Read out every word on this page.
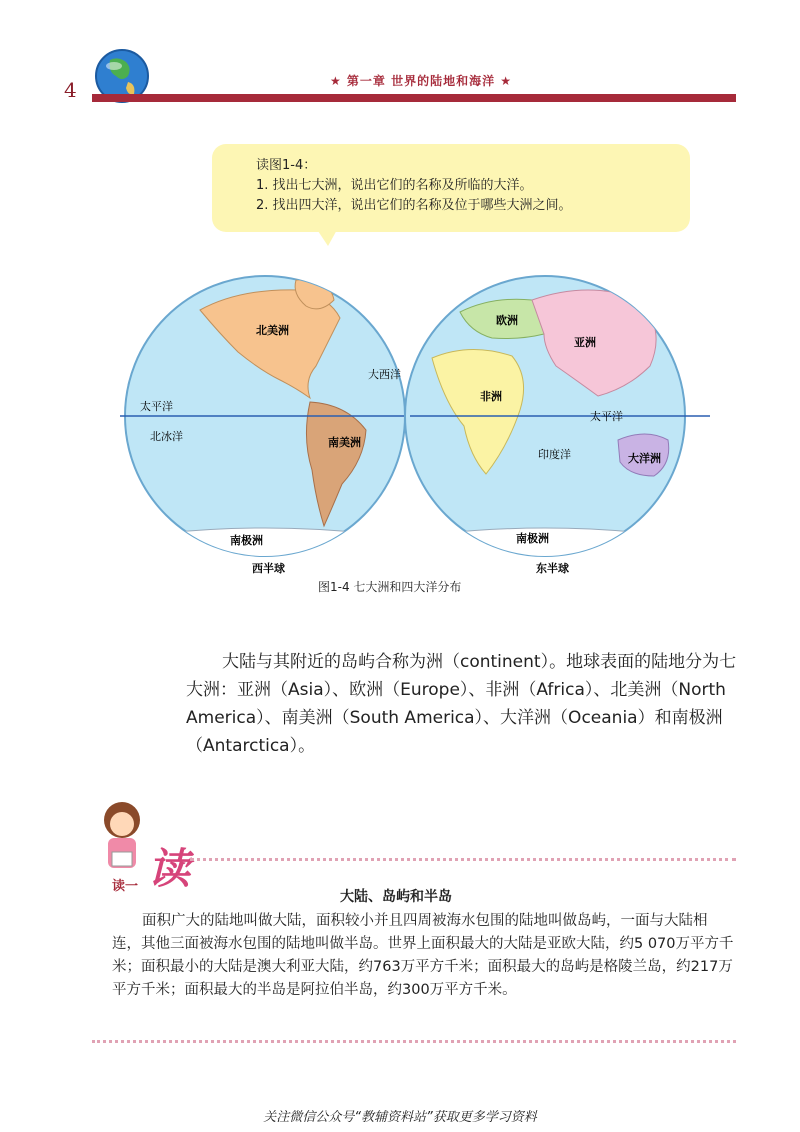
4	★ 第一章 世界的陆地和海洋 ★
读图1-4：
1. 找出七大洲，说出它们的名称及所临的大洋。
2. 找出四大洋，说出它们的名称及位于哪些大洲之间。
北美洲
南美洲
欧洲
亚洲
非洲
大洋洲
南极洲	南极洲
太平洋
太平洋
大西洋
印度洋
北冰洋
西半球	东半球
图1-4 七大洲和四大洋分布
大陆与其附近的岛屿合称为洲（continent）。地球表面的陆地分为七大洲：亚洲（Asia）、欧洲（Europe）、非洲（Africa）、北美洲（North America）、南美洲（South America）、大洋洲（Oceania）和南极洲（Antarctica）。
读
读一
大陆、岛屿和半岛
面积广大的陆地叫做大陆，面积较小并且四周被海水包围的陆地叫做岛屿，一面与大陆相连，其他三面被海水包围的陆地叫做半岛。世界上面积最大的大陆是亚欧大陆，约5 070万平方千米；面积最小的大陆是澳大利亚大陆，约763万平方千米；面积最大的岛屿是格陵兰岛，约217万平方千米；面积最大的半岛是阿拉伯半岛，约300万平方千米。
关注微信公众号“教辅资料站”获取更多学习资料
